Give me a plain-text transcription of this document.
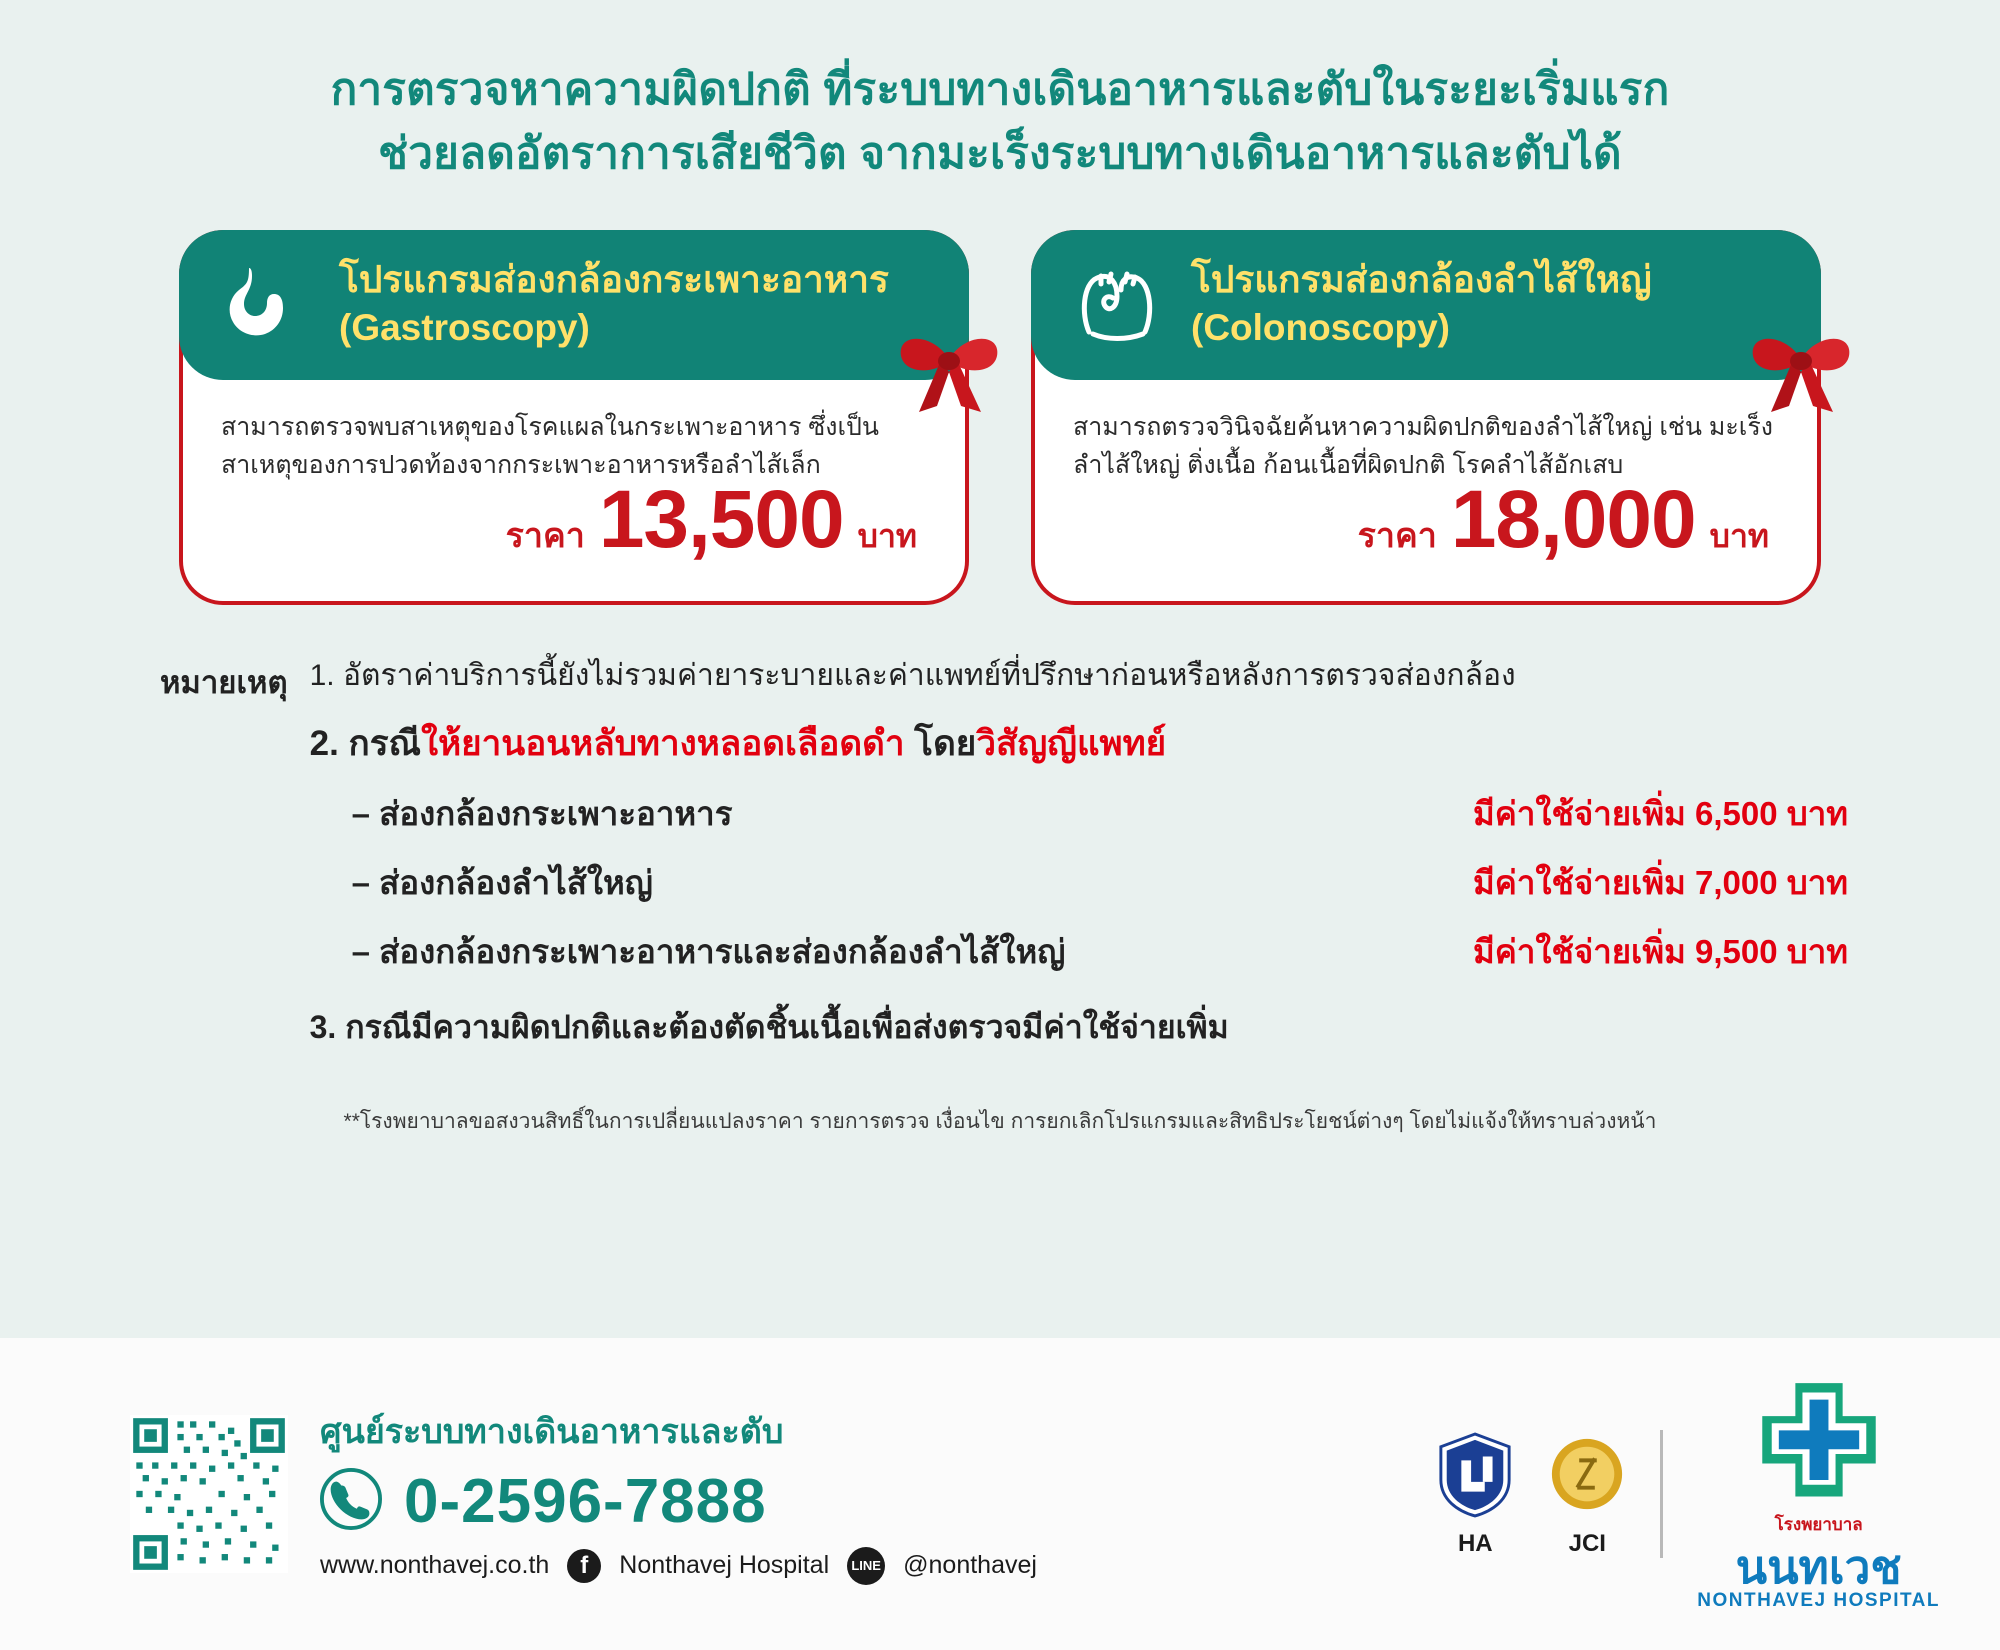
การตรวจหาความผิดปกติ ที่ระบบทางเดินอาหารและตับในระยะเริ่มแรก
ช่วยลดอัตราการเสียชีวิต จากมะเร็งระบบทางเดินอาหารและตับได้
โปรแกรมส่องกล้องกระเพาะอาหาร (Gastroscopy)
สามารถตรวจพบสาเหตุของโรคแผลในกระเพาะอาหาร ซึ่งเป็นสาเหตุของการปวดท้องจากกระเพาะอาหารหรือลำไส้เล็ก
ราคา 13,500 บาท
โปรแกรมส่องกล้องลำไส้ใหญ่ (Colonoscopy)
สามารถตรวจวินิจฉัยค้นหาความผิดปกติของลำไส้ใหญ่ เช่น มะเร็งลำไส้ใหญ่ ติ่งเนื้อ ก้อนเนื้อที่ผิดปกติ โรคลำไส้อักเสบ
ราคา 18,000 บาท
หมายเหตุ 1. อัตราค่าบริการนี้ยังไม่รวมค่ายาระบายและค่าแพทย์ที่ปรึกษาก่อนหรือหลังการตรวจส่องกล้อง
2. กรณีให้ยานอนหลับทางหลอดเลือดดำ โดยวิสัญญีแพทย์
– ส่องกล้องกระเพาะอาหาร	มีค่าใช้จ่ายเพิ่ม 6,500 บาท
– ส่องกล้องลำไส้ใหญ่	มีค่าใช้จ่ายเพิ่ม 7,000 บาท
– ส่องกล้องกระเพาะอาหารและส่องกล้องลำไส้ใหญ่	มีค่าใช้จ่ายเพิ่ม 9,500 บาท
3. กรณีมีความผิดปกติและต้องตัดชิ้นเนื้อเพื่อส่งตรวจมีค่าใช้จ่ายเพิ่ม
**โรงพยาบาลขอสงวนสิทธิ์ในการเปลี่ยนแปลงราคา รายการตรวจ เงื่อนไข การยกเลิกโปรแกรมและสิทธิประโยชน์ต่างๆ โดยไม่แจ้งให้ทราบล่วงหน้า
ศูนย์ระบบทางเดินอาหารและตับ
0-2596-7888
www.nonthavej.co.th	f	Nonthavej Hospital	LINE @nonthavej
HA	JCI
โรงพยาบาล
นนทเวช
NONTHAVEJ HOSPITAL
